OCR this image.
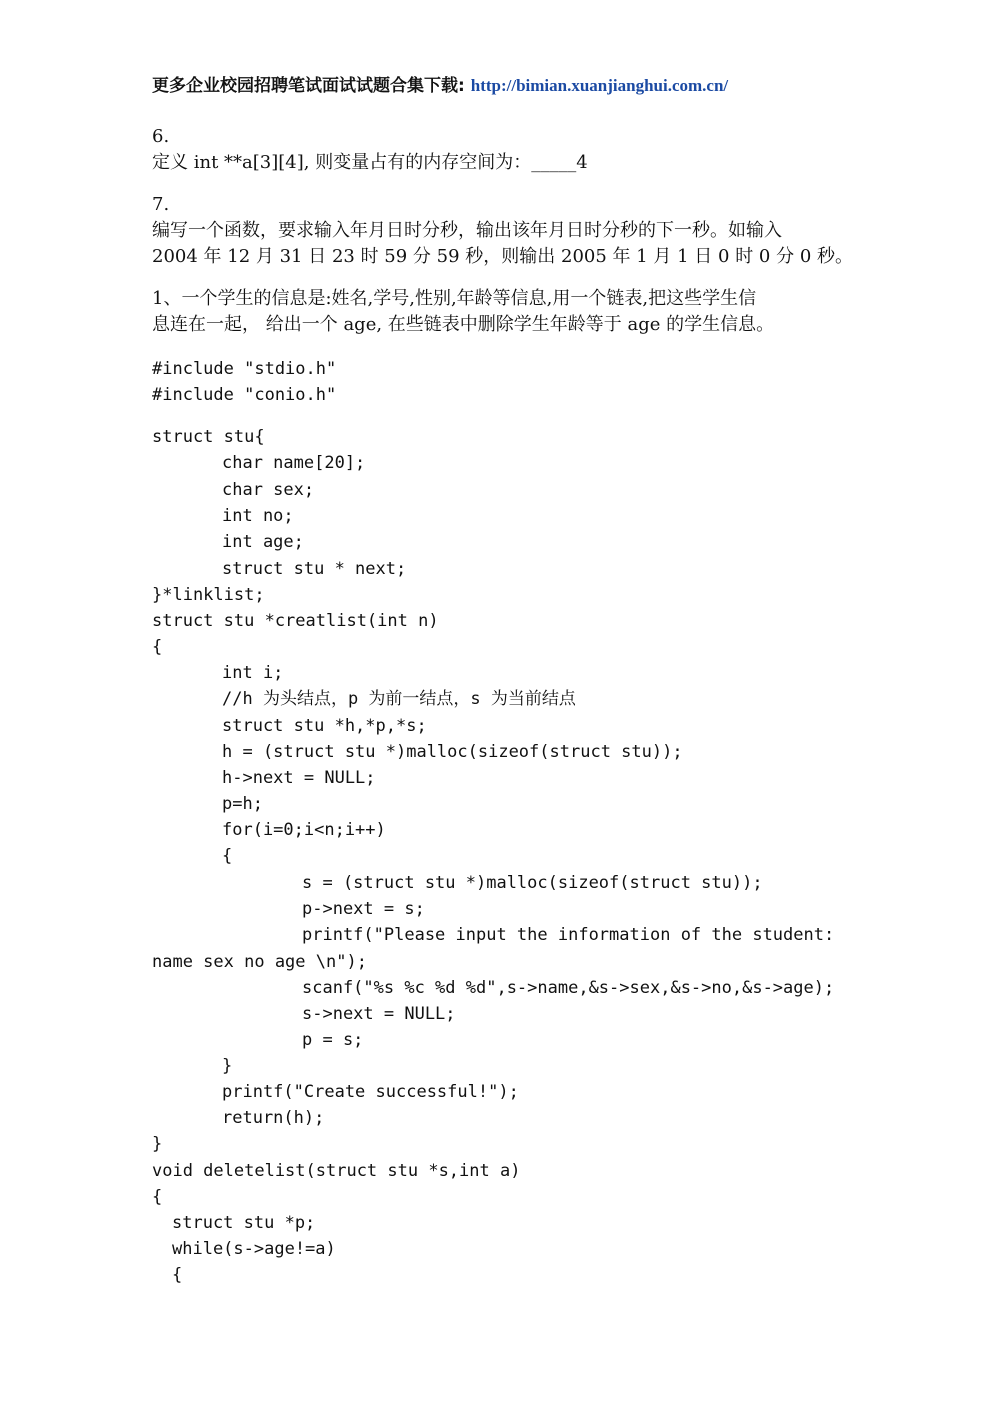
更多企业校园招聘笔试面试试题合集下载: http://bimian.xuanjianghui.com.cn/
6.
定义 int **a[3][4], 则变量占有的内存空间为：_____4
7.
编写一个函数，要求输入年月日时分秒，输出该年月日时分秒的下一秒。如输入
2004 年 12 月 31 日 23 时 59 分 59 秒，则输出 2005 年 1 月 1 日 0 时 0 分 0 秒。
1、一个学生的信息是:姓名,学号,性别,年龄等信息,用一个链表,把这些学生信
息连在一起， 给出一个 age, 在些链表中删除学生年龄等于 age 的学生信息。
#include "stdio.h"
#include "conio.h"
struct stu{
char name[20];
char sex;
int no;
int age;
struct stu * next;
}*linklist;
struct stu *creatlist(int n)
{
int i;
//h 为头结点，p 为前一结点，s 为当前结点
struct stu *h,*p,*s;
h = (struct stu *)malloc(sizeof(struct stu));
h->next = NULL;
p=h;
for(i=0;i<n;i++)
{
s = (struct stu *)malloc(sizeof(struct stu));
p->next = s;
printf("Please input the information of the student:
name sex no age \n");
scanf("%s %c %d %d",s->name,&s->sex,&s->no,&s->age);
s->next = NULL;
p = s;
}
printf("Create successful!");
return(h);
}
void deletelist(struct stu *s,int a)
{
struct stu *p;
while(s->age!=a)
{
